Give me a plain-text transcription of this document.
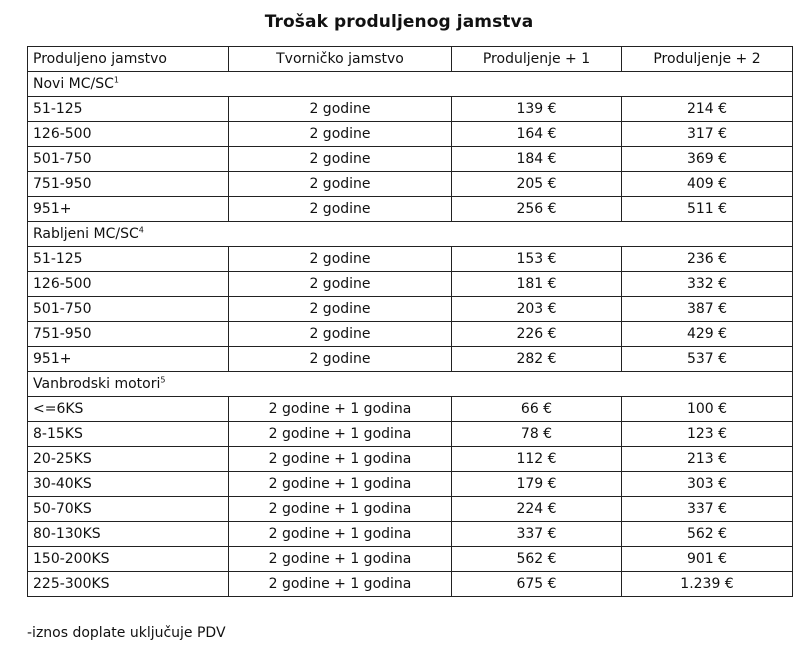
Trošak produljenog jamstva
Produljeno jamstvo	Tvorničko jamstvo	Produljenje + 1	Produljenje + 2
Novi $MC/SC^1$
51-125	2 godine	139 €	214 €
126-500	2 godine	164 €	317 €
501-750	2 godine	184 €	369 €
751-950	2 godine	205 €	409 €
951+	2 godine	256 €	511 €
Rabljeni $MC/SC^4$
51-125	2 godine	153 €	236 €
126-500	2 godine	181 €	332 €
501-750	2 godine	203 €	387 €
751-950	2 godine	226 €	429 €
951+	2 godine	282 €	537 €
Vanbrodski motori$^5$
<=6KS	2 godine + 1 godina	66 €	100 €
8-15KS	2 godine + 1 godina	78 €	123 €
20-25KS	2 godine + 1 godina	112 €	213 €
30-40KS	2 godine + 1 godina	179 €	303 €
50-70KS	2 godine + 1 godina	224 €	337 €
80-130KS	2 godine + 1 godina	337 €	562 €
150-200KS	2 godine + 1 godina	562 €	901 €
225-300KS	2 godine + 1 godina	675 €	1.239 €
-iznos doplate uključuje PDV
